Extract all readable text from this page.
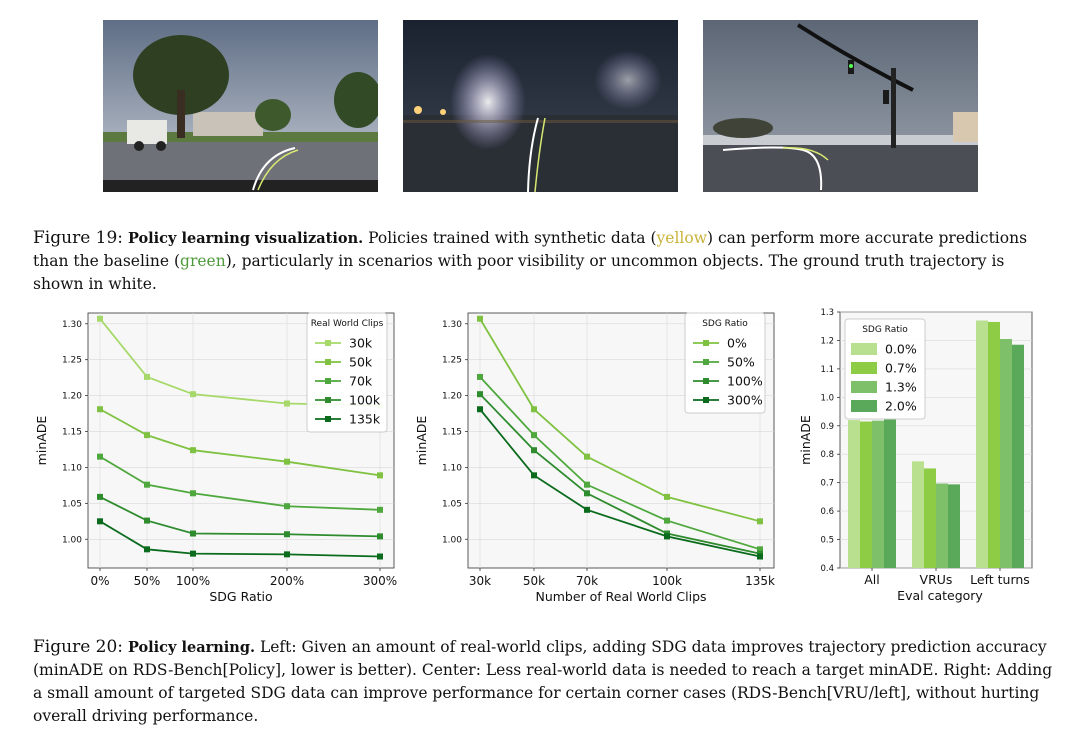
Figure 19: Policy learning visualization. Policies trained with synthetic data (yellow) can perform more accurate predictions than the baseline (green), particularly in scenarios with poor visibility or uncommon objects. The ground truth trajectory is shown in white.
1.00
1.05
1.10
1.15
1.20
1.25
1.30
0% 50% 100%	200%	300%
SDG Ratio
minADE
Real World Clips
30k
50k
70k
100k
135k
1.00
1.05
1.10
1.15
1.20
1.25
1.30
30k	50k	70k	100k	135k
Number of Real World Clips
minADE
SDG Ratio
0%
50%
100%
300%
0.4
0.5
0.6
0.7
0.8
0.9
1.0
1.1
1.2
1.3
All	VRUs Left turns
Eval category
minADE
SDG Ratio
0.0%
0.7%
1.3%
2.0%
Figure 20: Policy learning. Left: Given an amount of real-world clips, adding SDG data improves trajectory prediction accuracy (minADE on RDS-Bench[Policy], lower is better). Center: Less real-world data is needed to reach a target minADE. Right: Adding a small amount of targeted SDG data can improve performance for certain corner cases (RDS-Bench[VRU/left], without hurting overall driving performance.
